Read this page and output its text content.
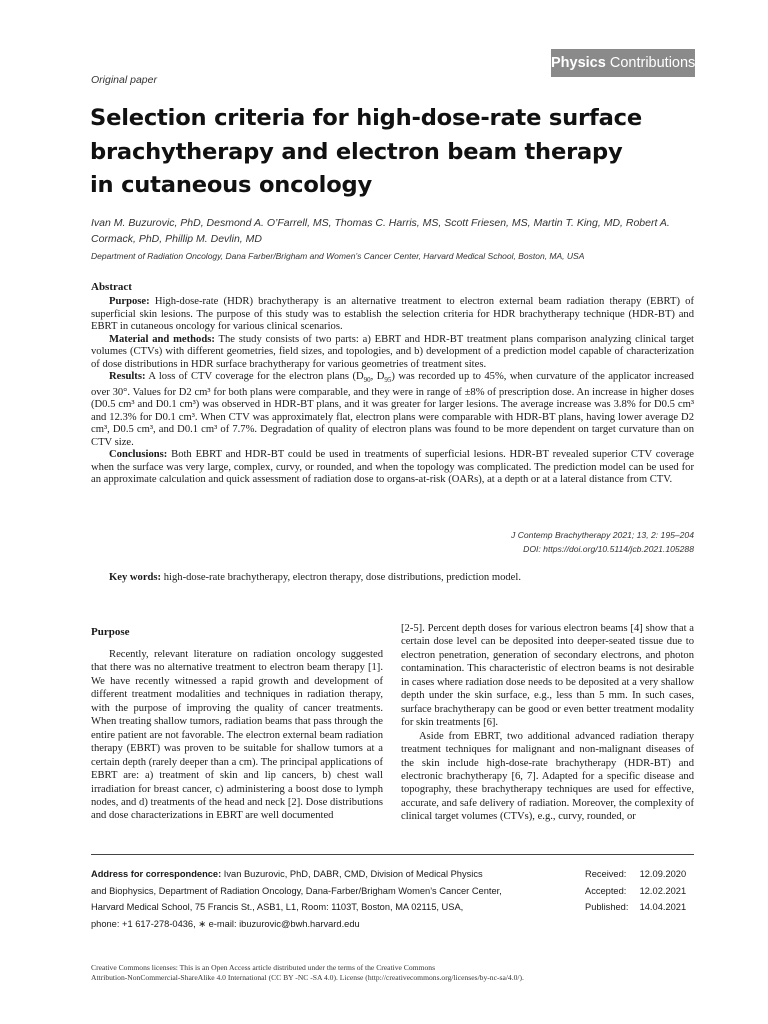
Physics Contributions
Original paper
Selection criteria for high-dose-rate surface brachytherapy and electron beam therapy in cutaneous oncology
Ivan M. Buzurovic, PhD, Desmond A. O’Farrell, MS, Thomas C. Harris, MS, Scott Friesen, MS, Martin T. King, MD, Robert A. Cormack, PhD, Phillip M. Devlin, MD
Department of Radiation Oncology, Dana Farber/Brigham and Women’s Cancer Center, Harvard Medical School, Boston, MA, USA
Abstract

Purpose: High-dose-rate (HDR) brachytherapy is an alternative treatment to electron external beam radiation therapy (EBRT) of superficial skin lesions. The purpose of this study was to establish the selection criteria for HDR brachytherapy technique (HDR-BT) and EBRT in cutaneous oncology for various clinical scenarios.

Material and methods: The study consists of two parts: a) EBRT and HDR-BT treatment plans comparison analyzing clinical target volumes (CTVs) with different geometries, field sizes, and topologies, and b) development of a prediction model capable of characterization of dose distributions in HDR surface brachytherapy for various geometries of treatment sites.

Results: A loss of CTV coverage for the electron plans ($D_{90}$, $D_{95}$) was recorded up to 45%, when curvature of the applicator increased over 30°. Values for D2 cm³ for both plans were comparable, and they were in range of ±8% of prescription dose. An increase in higher doses (D0.5 cm³ and D0.1 cm³) was observed in HDR-BT plans, and it was greater for larger lesions. The average increase was 3.8% for D0.5 cm³ and 12.3% for D0.1 cm³. When CTV was approximately flat, electron plans were comparable with HDR-BT plans, having lower average D2 cm³, D0.5 cm³, and D0.1 cm³ of 7.7%. Degradation of quality of electron plans was found to be more dependent on target curvature than on CTV size.

Conclusions: Both EBRT and HDR-BT could be used in treatments of superficial lesions. HDR-BT revealed superior CTV coverage when the surface was very large, complex, curvy, or rounded, and when the topology was complicated. The prediction model can be used for an approximate calculation and quick assessment of radiation dose to organs-at-risk (OARs), at a depth or at a lateral distance from CTV.

J Contemp Brachytherapy 2021; 13, 2: 195–204
DOI: https://doi.org/10.5114/jcb.2021.105288
Key words: high-dose-rate brachytherapy, electron therapy, dose distributions, prediction model.
Purpose
Recently, relevant literature on radiation oncology suggested that there was no alternative treatment to electron beam therapy [1]. We have recently witnessed a rapid growth and development of different treatment modalities and techniques in radiation therapy, with the purpose of improving the quality of cancer treatments. When treating shallow tumors, radiation beams that pass through the entire patient are not favorable. The electron external beam radiation therapy (EBRT) was proven to be suitable for shallow tumors at a certain depth (rarely deeper than a cm). The principal applications of EBRT are: a) treatment of skin and lip cancers, b) chest wall irradiation for breast cancer, c) administering a boost dose to lymph nodes, and d) treatments of the head and neck [2]. Dose distributions and dose characterizations in EBRT are well documented

[2-5]. Percent depth doses for various electron beams [4] show that a certain dose level can be deposited into deeper-seated tissue due to electron penetration, generation of secondary electrons, and photon contamination. This characteristic of electron beams is not desirable in cases where radiation dose needs to be deposited at a very shallow depth under the skin surface, e.g., less than 5 mm. In such cases, surface brachytherapy can be good or even better treatment modality for skin treatments [6].

Aside from EBRT, two additional advanced radiation therapy treatment techniques for malignant and non-malignant diseases of the skin include high-dose-rate brachytherapy (HDR-BT) and electronic brachytherapy [6, 7]. Adapted for a specific disease and topography, these brachytherapy techniques are used for effective, accurate, and safe delivery of radiation. Moreover, the complexity of clinical target volumes (CTVs), e.g., curvy, rounded, or

Address for correspondence: Ivan Buzurovic, PhD, DABR, CMD, Division of Medical Physics
and Biophysics, Department of Radiation Oncology, Dana-Farber/Brigham Women’s Cancer Center,
Harvard Medical School, 75 Francis St., ASB1, L1, Room: 1103T, Boston, MA 02115, USA,
phone: +1 617-278-0436, ∗ e-mail: ibuzurovic@bwh.harvard.edu
Received: 12.09.2020
Accepted: 12.02.2021
Published: 14.04.2021
Creative Commons licenses: This is an Open Access article distributed under the terms of the Creative Commons
Attribution-NonCommercial-ShareAlike 4.0 International (CC BY -NC -SA 4.0). License (http://creativecommons.org/licenses/by-nc-sa/4.0/).
